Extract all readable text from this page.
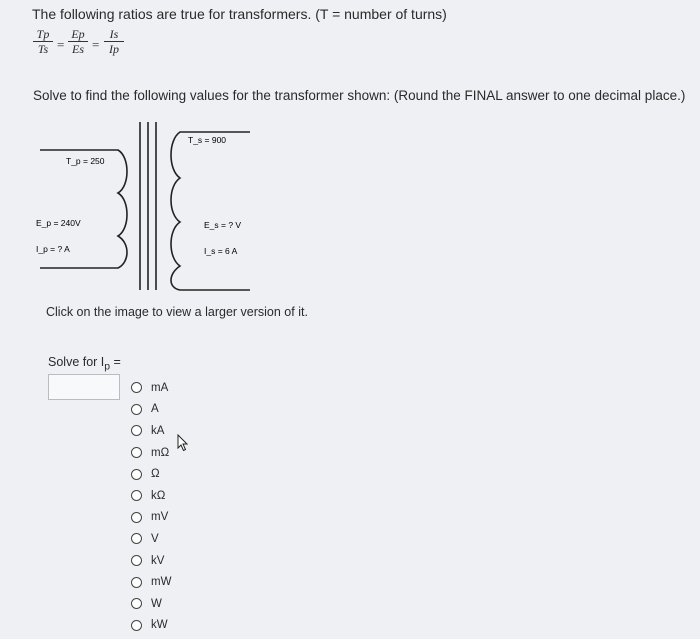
The following ratios are true for transformers. (T = number of turns)
Tp
Ts =
Ep
Es =
Is
Ip
Solve to find the following values for the transformer shown: (Round the FINAL answer to one decimal place.)
T_s = 900
T_p = 250
E_p = 240V
I_p = ? A
E_s = ? V
I_s = 6 A
Click on the image to view a larger version of it.
Solve for $I_p$ =
mA
A
kA
mΩ
Ω
kΩ
mV
V
kV
mW
W
kW
